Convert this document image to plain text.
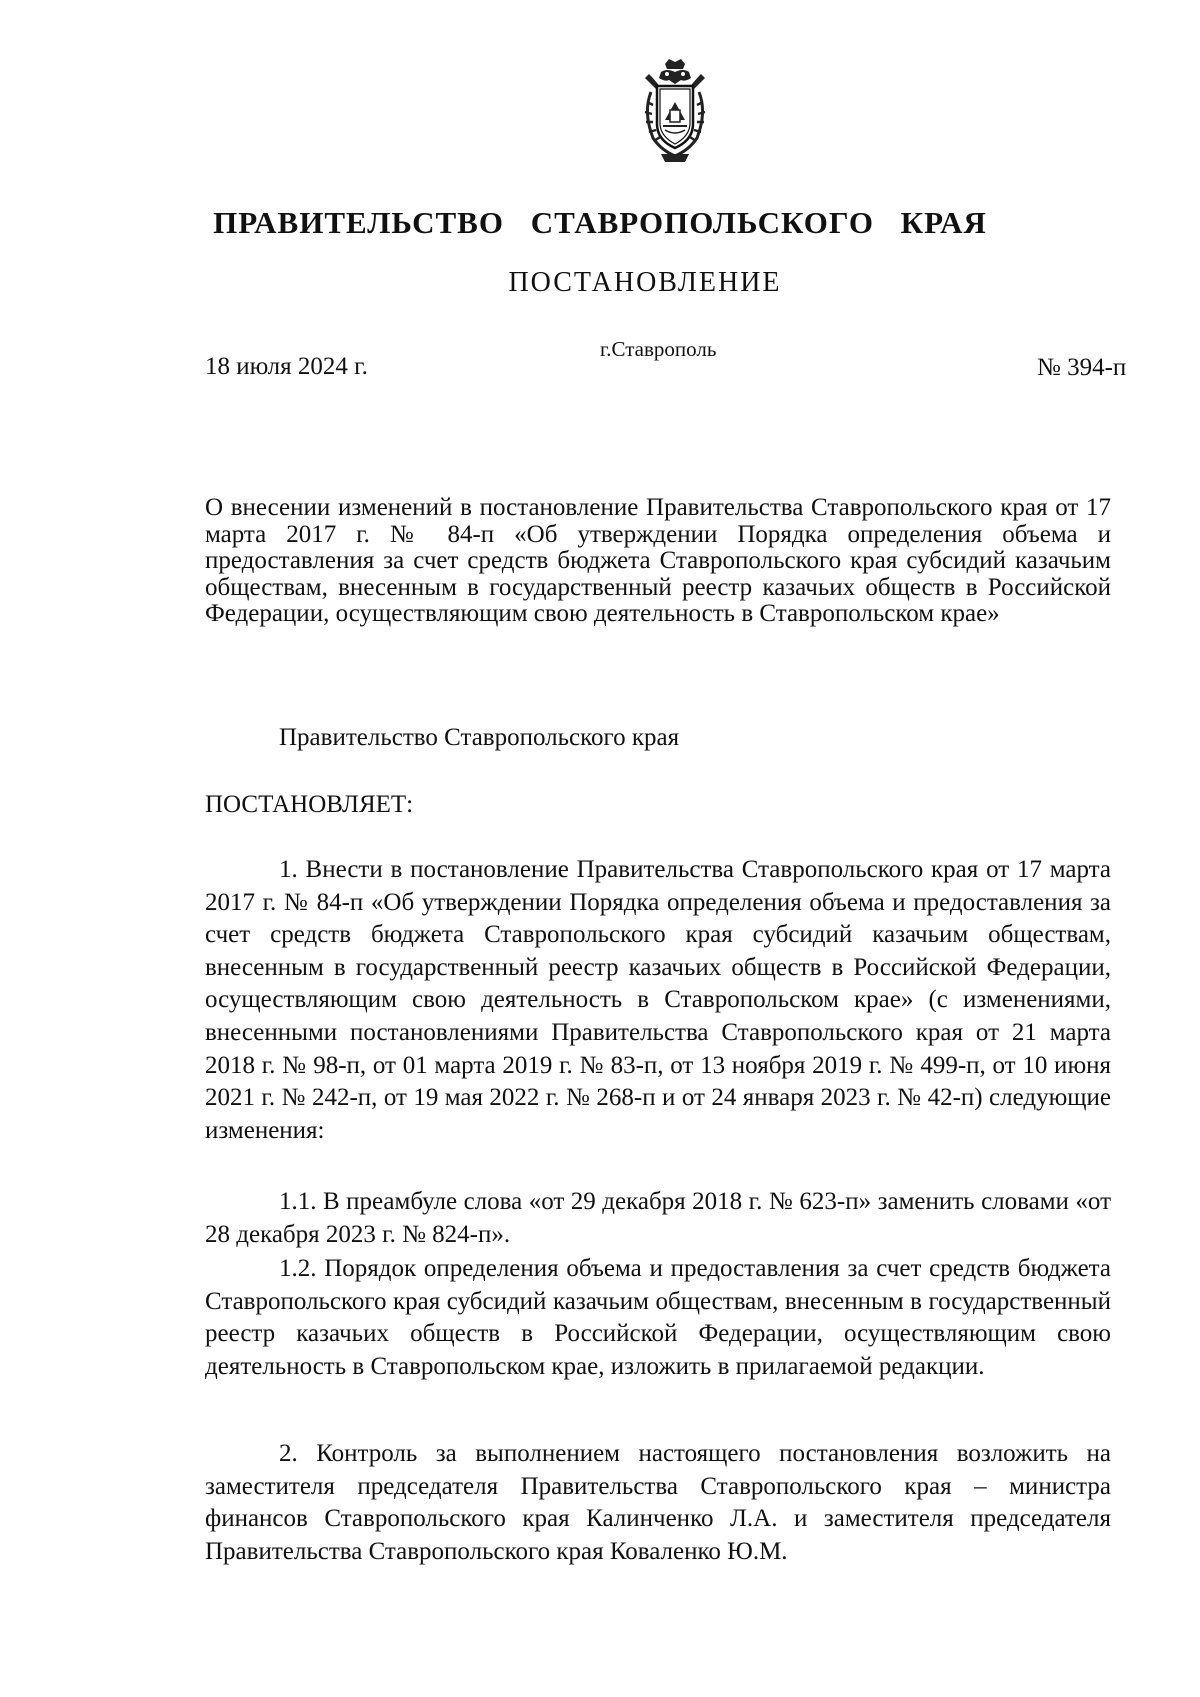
ПРАВИТЕЛЬСТВО СТАВРОПОЛЬСКОГО КРАЯ
ПОСТАНОВЛЕНИЕ
18 июля 2024 г.
г.Ставрополь
№ 394-п
О внесении изменений в постановление Правительства Ставропольского края от 17 марта 2017 г. № 84-п «Об утверждении Порядка определения объема и предоставления за счет средств бюджета Ставропольского края субсидий казачьим обществам, внесенным в государственный реестр казачьих обществ в Российской Федерации, осуществляющим свою деятельность в Ставропольском крае»
Правительство Ставропольского края
ПОСТАНОВЛЯЕТ:

1. Внести в постановление Правительства Ставропольского края от 17 марта 2017 г. № 84-п «Об утверждении Порядка определения объема и предоставления за счет средств бюджета Ставропольского края субсидий казачьим обществам, внесенным в государственный реестр казачьих обществ в Российской Федерации, осуществляющим свою деятельность в Ставропольском крае» (с изменениями, внесенными постановлениями Правительства Ставропольского края от 21 марта 2018 г. № 98-п, от 01 марта 2019 г. № 83-п, от 13 ноября 2019 г. № 499-п, от 10 июня 2021 г. № 242-п, от 19 мая 2022 г. № 268-п и от 24 января 2023 г. № 42-п) следующие изменения:

1.1. В преамбуле слова «от 29 декабря 2018 г. № 623-п» заменить словами «от 28 декабря 2023 г. № 824-п».

1.2. Порядок определения объема и предоставления за счет средств бюджета Ставропольского края субсидий казачьим обществам, внесенным в государственный реестр казачьих обществ в Российской Федерации, осуществляющим свою деятельность в Ставропольском крае, изложить в прилагаемой редакции.

2. Контроль за выполнением настоящего постановления возложить на заместителя председателя Правительства Ставропольского края – министра финансов Ставропольского края Калинченко Л.А. и заместителя председателя Правительства Ставропольского края Коваленко Ю.М.
